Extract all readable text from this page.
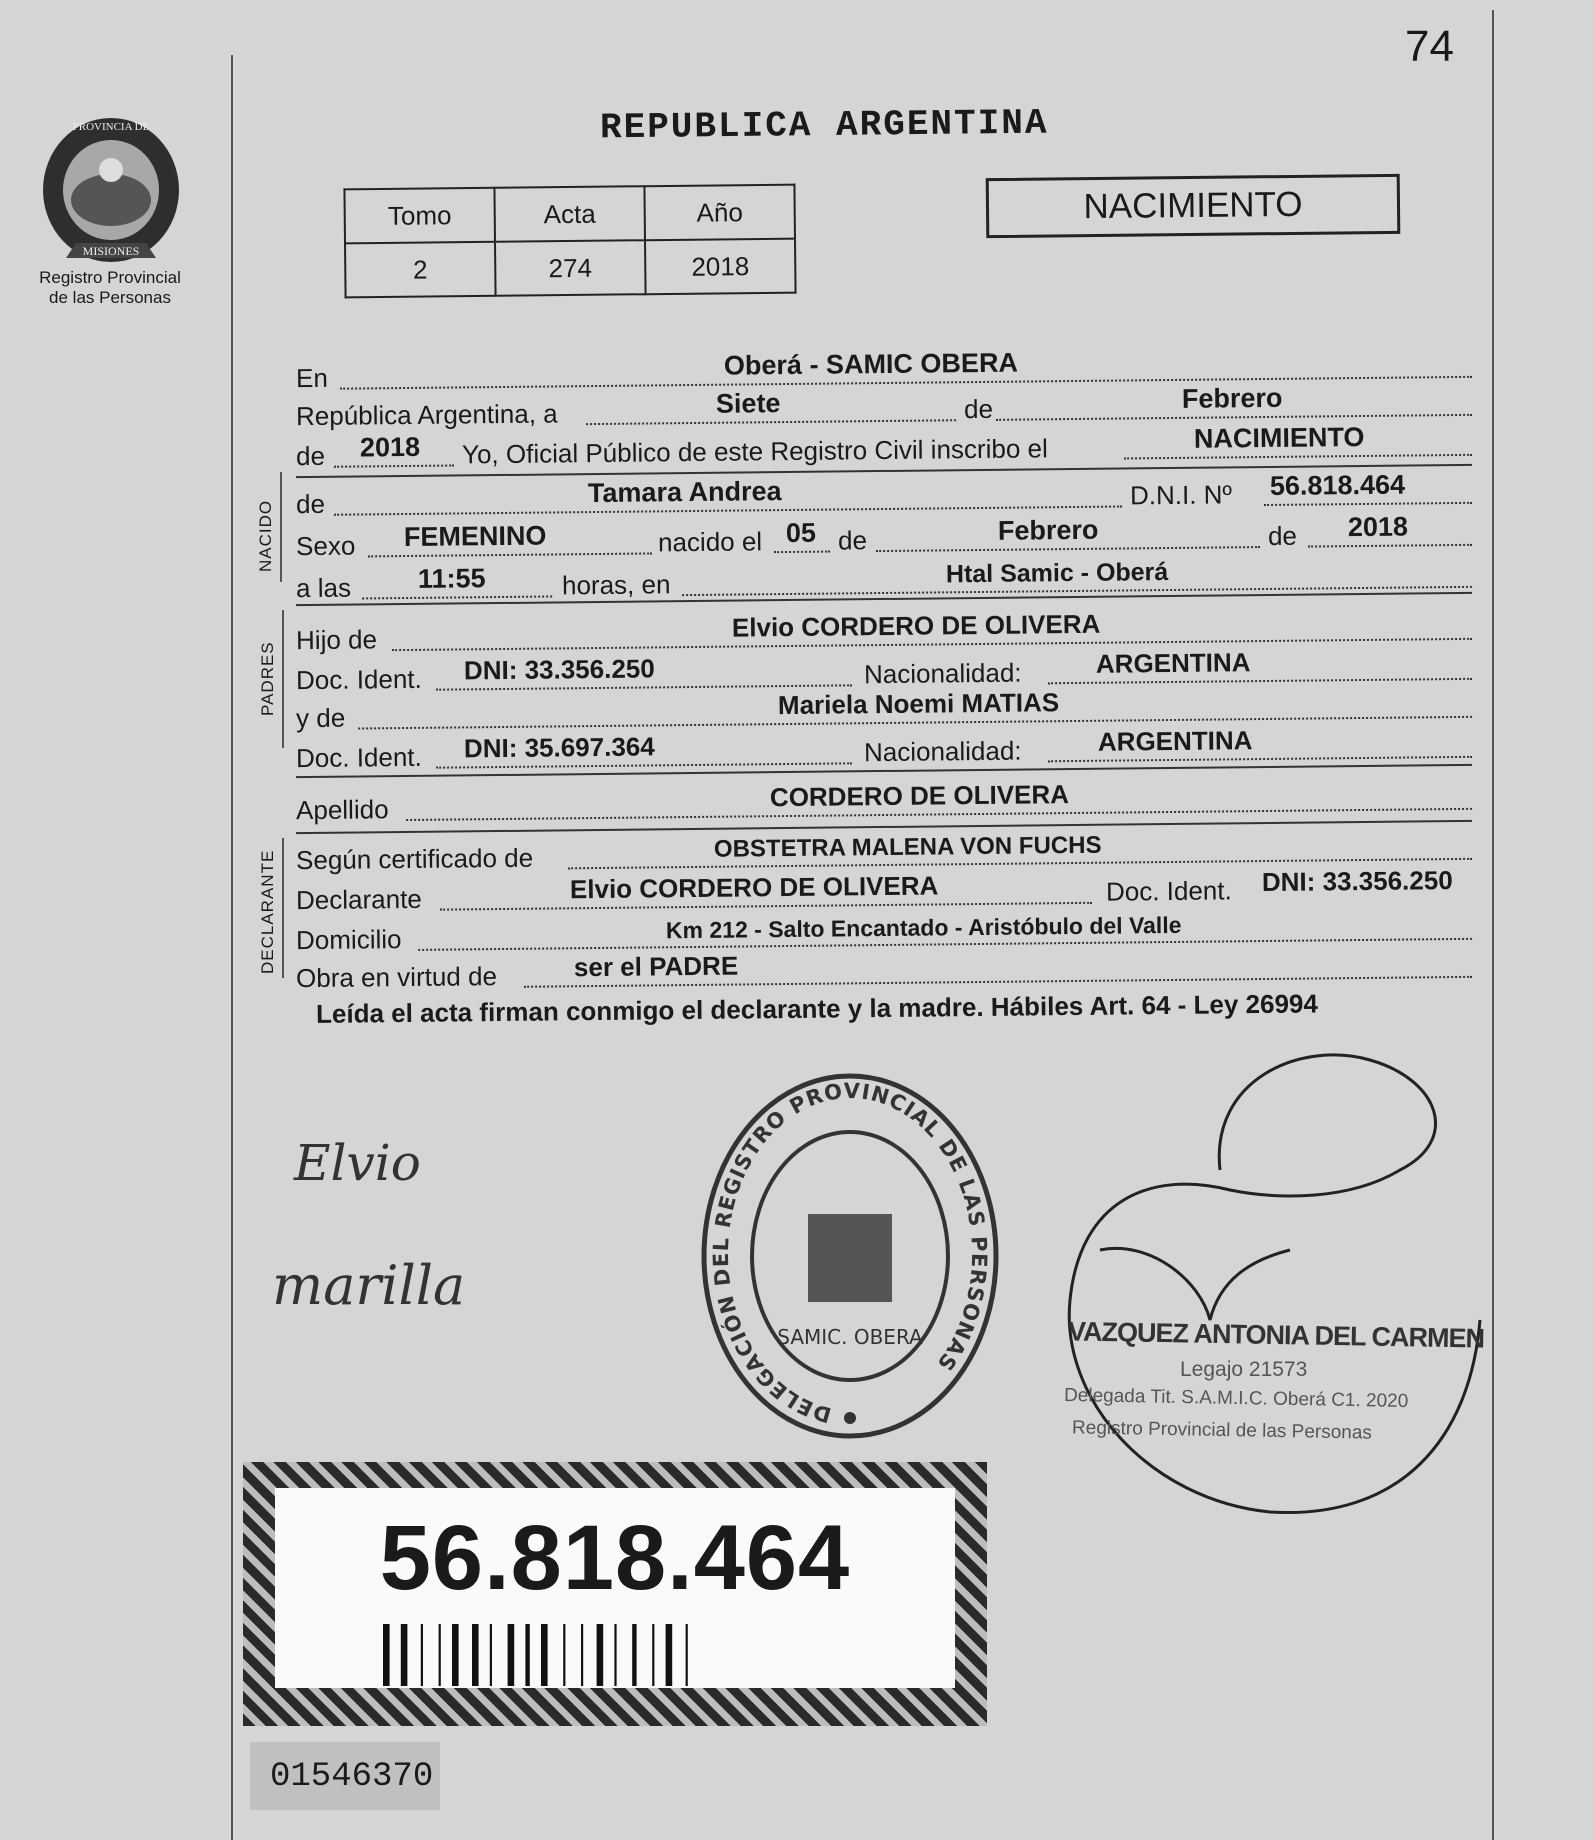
74
PROVINCIA DE
MISIONES
Registro Provincial
de las Personas
REPUBLICA ARGENTINA
Tomo	Acta	Año
2	274	2018
NACIMIENTO
En	Oberá - SAMIC OBERA
República Argentina, a	Siete	de	Febrero
de 2018 Yo, Oficial Público de este Registro Civil inscribo el	NACIMIENTO
NACIDO de	Tamara Andrea	D.N.I. Nº 56.818.464
Sexo FEMENINO	nacido el 05 de	Febrero	de 2018
a las 11:55	horas, en	Htal Samic - Oberá
PADRES
Hijo de	Elvio CORDERO DE OLIVERA
Doc. Ident. DNI: 33.356.250	Nacionalidad:	ARGENTINA
y de	Mariela Noemi MATIAS
Doc. Ident. DNI: 35.697.364	Nacionalidad:	ARGENTINA
Apellido	CORDERO DE OLIVERA
DECLARANTE Según certificado de	OBSTETRA MALENA VON FUCHS
Declarante	Elvio CORDERO DE OLIVERA	Doc. Ident. DNI: 33.356.250
Domicilio	Km 212 - Salto Encantado - Aristóbulo del Valle
Obra en virtud de	ser el PADRE
Leída el acta firman conmigo el declarante y la madre. Hábiles Art. 64 - Ley 26994
Elvio
marilla
DELEGACIÓN DEL REGISTRO PROVINCIAL DE LAS PERSONAS
SAMIC. OBERA	VAZQUEZ ANTONIA DEL CARMEN
Legajo 21573
Delegada Tit. S.A.M.I.C. Oberá C1. 2020
Registro Provincial de las Personas
56.818.464
01546370
